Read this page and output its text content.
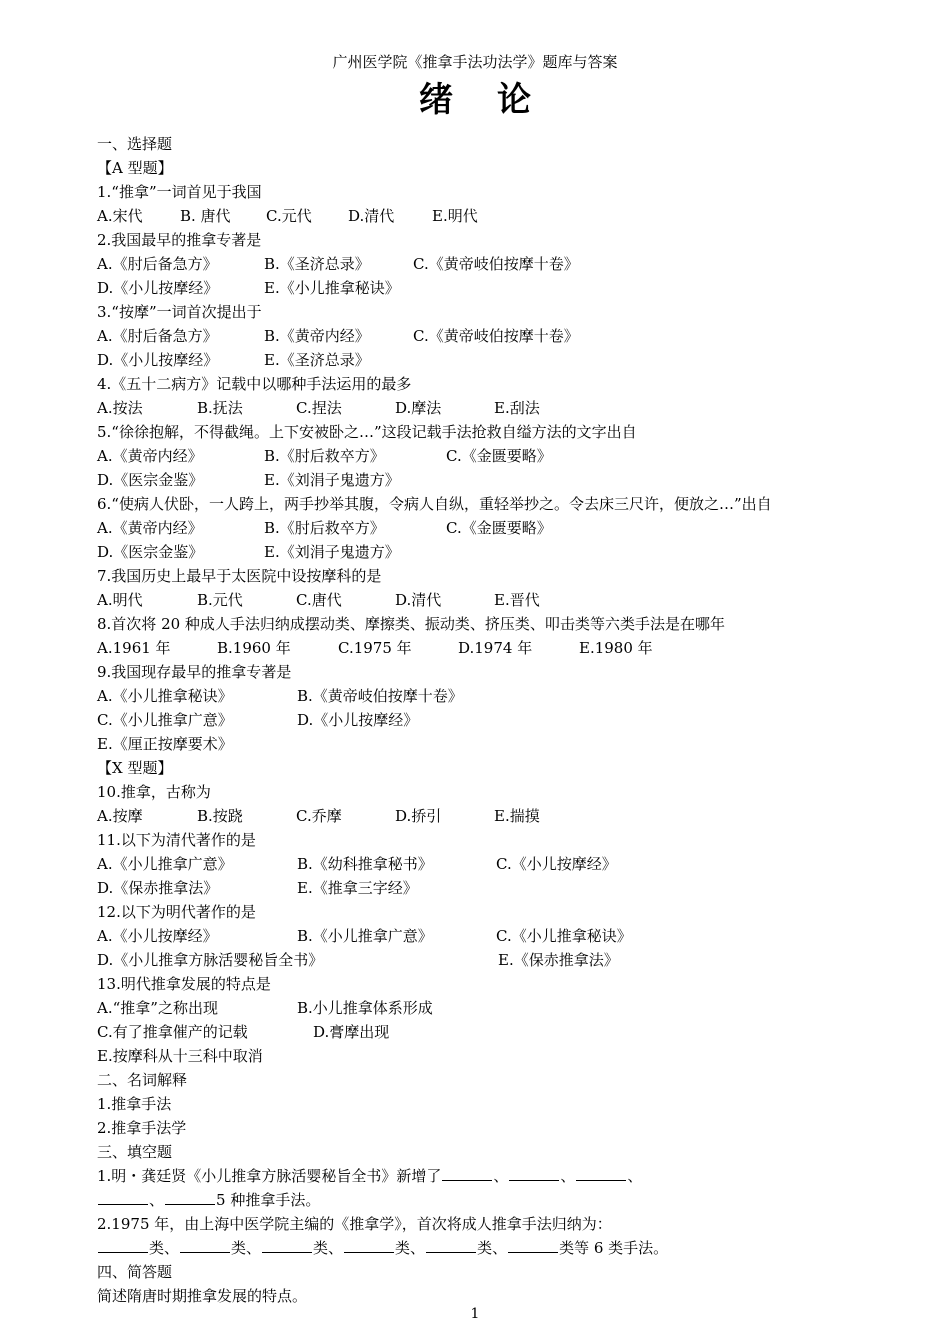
广州医学院《推拿手法功法学》题库与答案
绪论
一、选择题
【A 型题】
1.“推拿”一词首见于我国
A.宋代 B. 唐代 C.元代 D.清代	E.明代
2.我国最早的推拿专著是
A.《肘后备急方》	B.《圣济总录》	C.《黄帝岐伯按摩十卷》
D.《小儿按摩经》	E.《小儿推拿秘诀》
3.“按摩”一词首次提出于
A.《肘后备急方》	B.《黄帝内经》	C.《黄帝岐伯按摩十卷》
D.《小儿按摩经》	E.《圣济总录》
4.《五十二病方》记载中以哪种手法运用的最多
A.按法	B.抚法	C.捏法	D.摩法	E.刮法
5.“徐徐抱解，不得截绳。上下安被卧之…”这段记载手法抢救自缢方法的文字出自
A.《黄帝内经》	B.《肘后救卒方》	C.《金匮要略》
D.《医宗金鉴》	E.《刘涓子鬼遗方》
6.“使病人伏卧，一人跨上，两手抄举其腹，令病人自纵，重轻举抄之。令去床三尺许，便放之…”出自
A.《黄帝内经》	B.《肘后救卒方》	C.《金匮要略》
D.《医宗金鉴》	E.《刘涓子鬼遗方》
7.我国历史上最早于太医院中设按摩科的是
A.明代	B.元代	C.唐代	D.清代	E.晋代
8.首次将 20 种成人手法归纳成摆动类、摩擦类、振动类、挤压类、叩击类等六类手法是在哪年
A.1961 年	B.1960 年	C.1975 年	D.1974 年	E.1980 年
9.我国现存最早的推拿专著是
A.《小儿推拿秘诀》	B.《黄帝岐伯按摩十卷》
C.《小儿推拿广意》	D.《小儿按摩经》
E.《厘正按摩要术》
【X 型题】
10.推拿，古称为
A.按摩	B.按跷	C.乔摩	D.挢引	E.揣摸
11.以下为清代著作的是
A.《小儿推拿广意》	B.《幼科推拿秘书》	C.《小儿按摩经》
D.《保赤推拿法》	E.《推拿三字经》
12.以下为明代著作的是
A.《小儿按摩经》	B.《小儿推拿广意》	C.《小儿推拿秘诀》
D.《小儿推拿方脉活婴秘旨全书》	E.《保赤推拿法》
13.明代推拿发展的特点是
A.“推拿”之称出现	B.小儿推拿体系形成
C.有了推拿催产的记载	D.膏摩出现
E.按摩科从十三科中取消
二、名词解释
1.推拿手法
2.推拿手法学
三、填空题
1.明・龚廷贤《小儿推拿方脉活婴秘旨全书》新增了	、	、	、
、	5 种推拿手法。
2.1975 年，由上海中医学院主编的《推拿学》，首次将成人推拿手法归纳为：
类、	类、	类、	类、	类、	类等 6 类手法。
四、简答题
简述隋唐时期推拿发展的特点。
1
